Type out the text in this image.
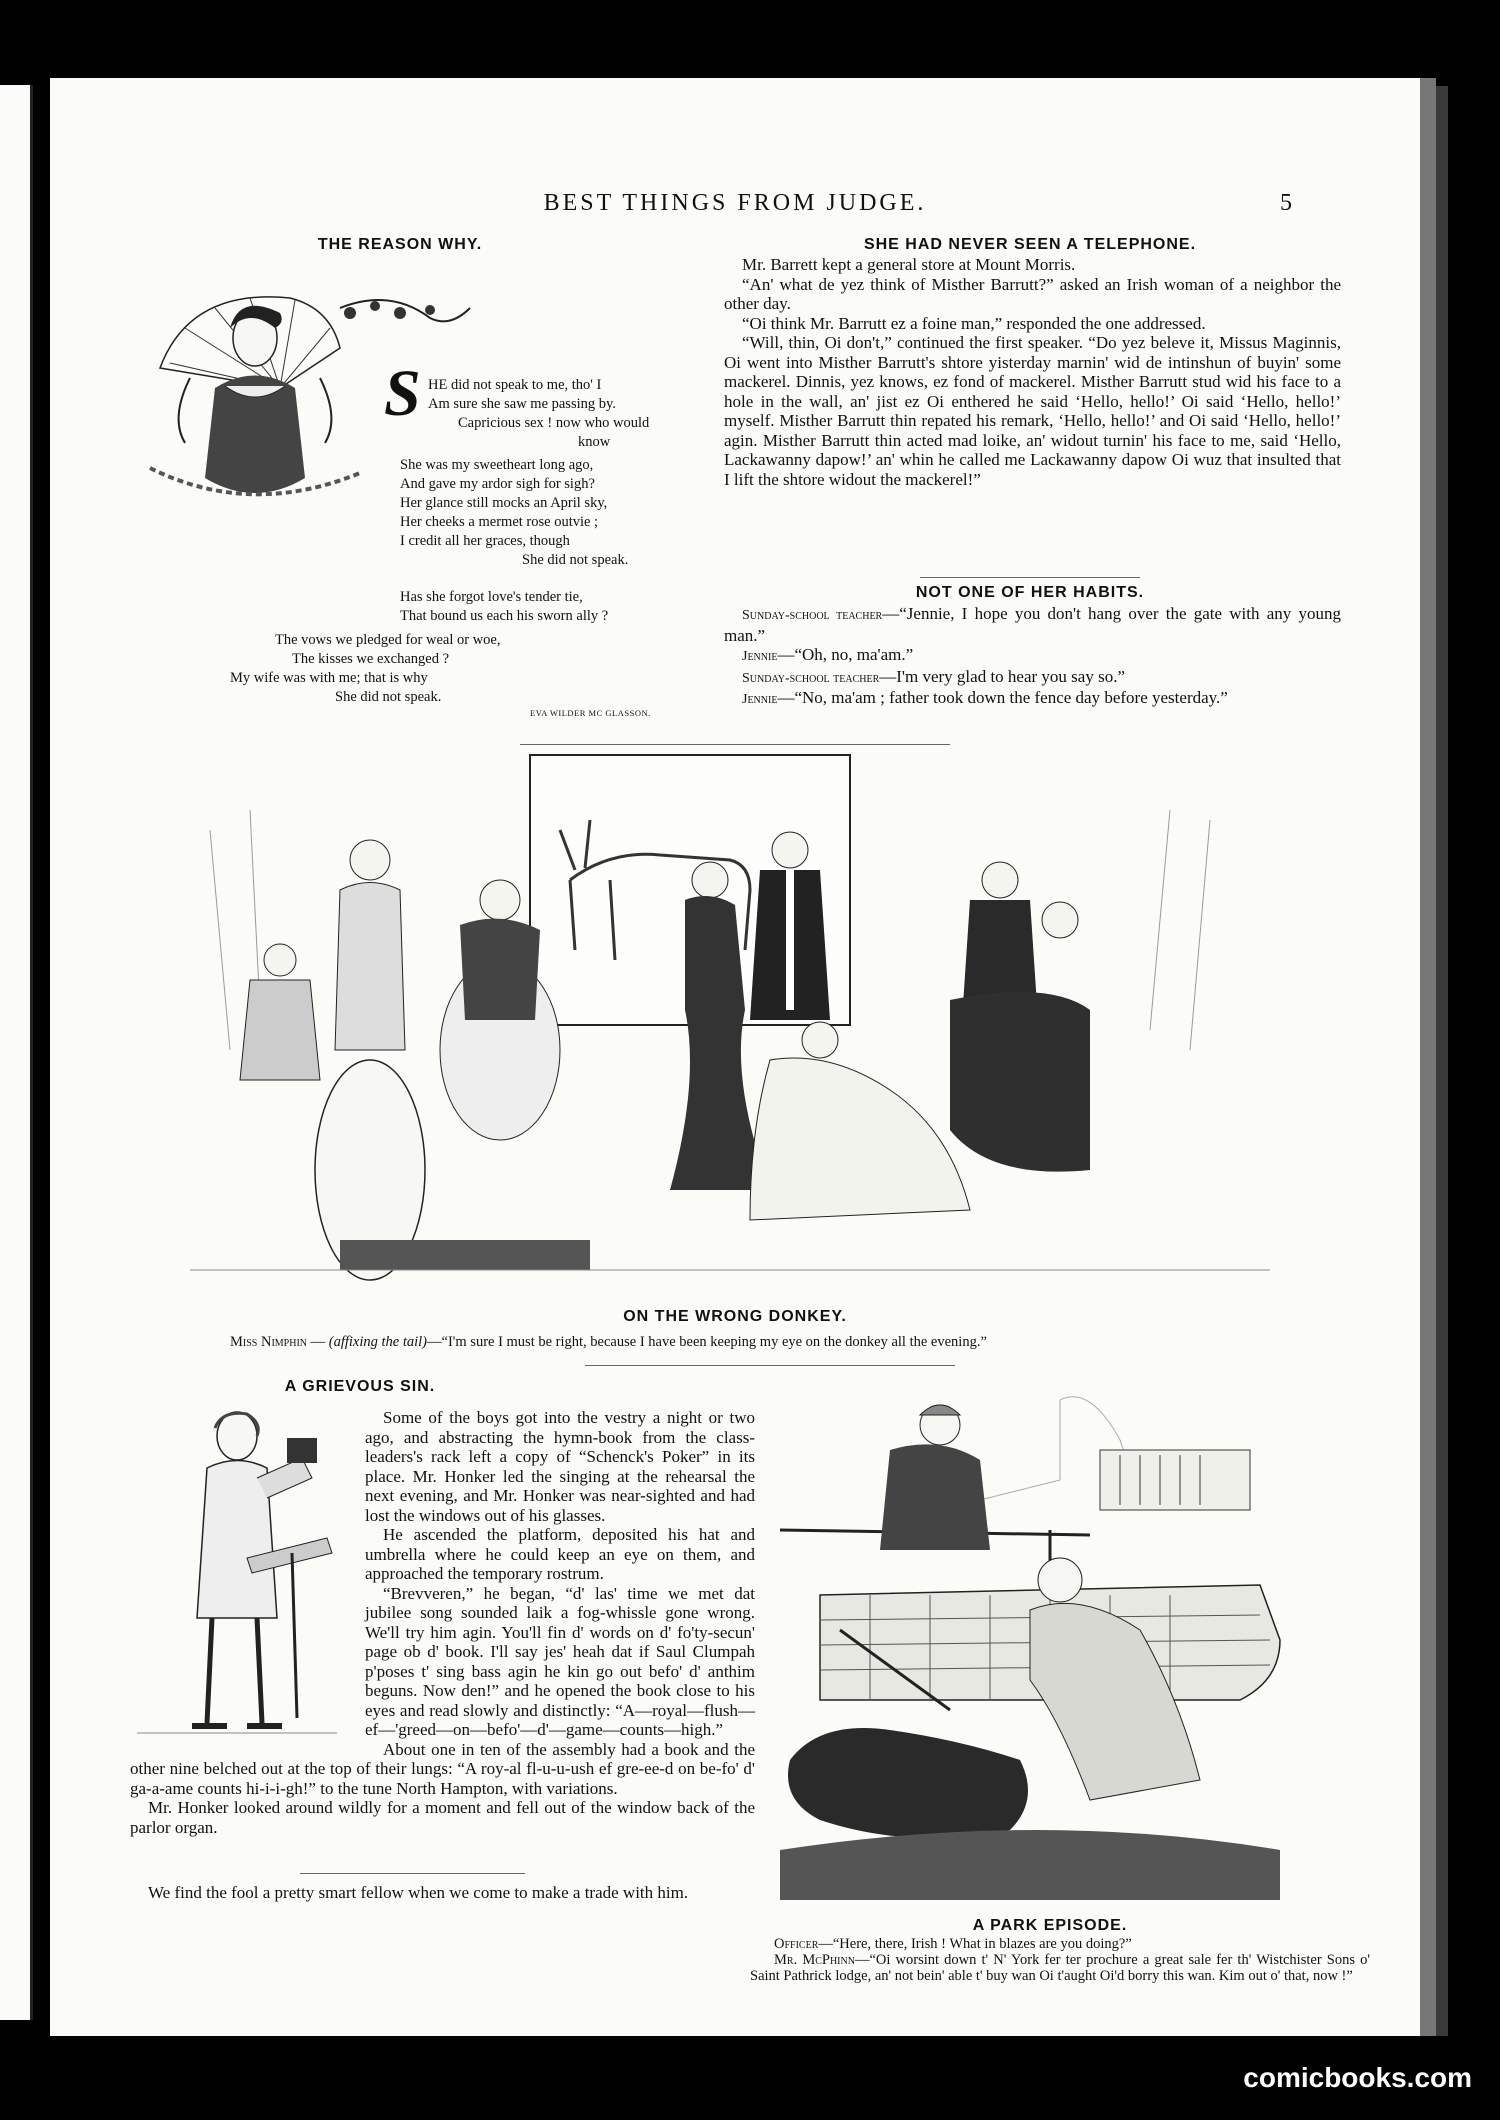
BEST THINGS FROM JUDGE.	5
THE REASON WHY.
S HE did not speak to me, tho' I
Am sure she saw me passing by.
Capricious sex ! now who would
know
She was my sweetheart long ago,
And gave my ardor sigh for sigh?
Her glance still mocks an April sky,
Her cheeks a mermet rose outvie ;
I credit all her graces, though
She did not speak.
Has she forgot love's tender tie,
That bound us each his sworn ally ?
The vows we pledged for weal or woe,
The kisses we exchanged ?
My wife was with me; that is why
She did not speak.
EVA WILDER MC GLASSON.
SHE HAD NEVER SEEN A TELEPHONE.

Mr. Barrett kept a general store at Mount Morris.

“An' what de yez think of Misther Barrutt?” asked an Irish woman of a neighbor the other day.

“Oi think Mr. Barrutt ez a foine man,” responded the one addressed.

“Will, thin, Oi don't,” continued the first speaker. “Do yez beleve it, Missus Maginnis, Oi went into Misther Barrutt's shtore yisterday marnin' wid de intinshun of buyin' some mackerel. Dinnis, yez knows, ez fond of mackerel. Misther Barrutt stud wid his face to a hole in the wall, an' jist ez Oi enthered he said ‘Hello, hello!’ Oi said ‘Hello, hello!’ myself. Misther Barrutt thin repated his remark, ‘Hello, hello!’ and Oi said ‘Hello, hello!’ agin. Misther Barrutt thin acted mad loike, an' widout turnin' his face to me, said ‘Hello, Lackawanny dapow!’ an' whin he called me Lackawanny dapow Oi wuz that insulted that I lift the shtore widout the mackerel!”

NOT ONE OF HER HABITS.

Sunday-school teacher—“Jennie, I hope you don't hang over the gate with any young man.”

Jennie—“Oh, no, ma'am.”

Sunday-school teacher—I'm very glad to hear you say so.”

Jennie—“No, ma'am ; father took down the fence day before yesterday.”

ON THE WRONG DONKEY.
Miss Nimphin — (affixing the tail)—“I'm sure I must be right, because I have been keeping my eye on the donkey all the evening.”
A GRIEVOUS SIN.

Some of the boys got into the vestry a night or two ago, and abstracting the hymn-book from the class-leaders's rack left a copy of “Schenck's Poker” in its place. Mr. Honker led the singing at the rehearsal the next evening, and Mr. Honker was near-sighted and had lost the windows out of his glasses.

He ascended the platform, deposited his hat and umbrella where he could keep an eye on them, and approached the temporary rostrum.

“Brevveren,” he began, “d' las' time we met dat jubilee song sounded laik a fog-whissle gone wrong. We'll try him agin. You'll fin d' words on d' fo'ty-secun' page ob d' book. I'll say jes' heah dat if Saul Clumpah p'poses t' sing bass agin he kin go out befo' d' anthim beguns. Now den!” and he opened the book close to his eyes and read slowly and distinctly: “A—royal—flush—ef—'greed—on—befo'—d'—game—counts—high.”

About one in ten of the assembly had a book and the other nine belched out at the top of their lungs: “A roy-al fl-u-u-ush ef gre-ee-d on be-fo' d' ga-a-ame counts hi-i-i-gh!” to the tune North Hampton, with variations.

Mr. Honker looked around wildly for a moment and fell out of the window back of the parlor organ.

We find the fool a pretty smart fellow when we come to make a trade with him.

A PARK EPISODE.
Officer—“Here, there, Irish ! What in blazes are you doing?”
Mr. McPhinn—“Oi worsint down t' N' York fer ter prochure a great sale fer th' Wistchister Sons o' Saint Pathrick lodge, an' not bein' able t' buy wan Oi t'aught Oi'd borry this wan. Kim out o' that, now !”
comicbooks.com
